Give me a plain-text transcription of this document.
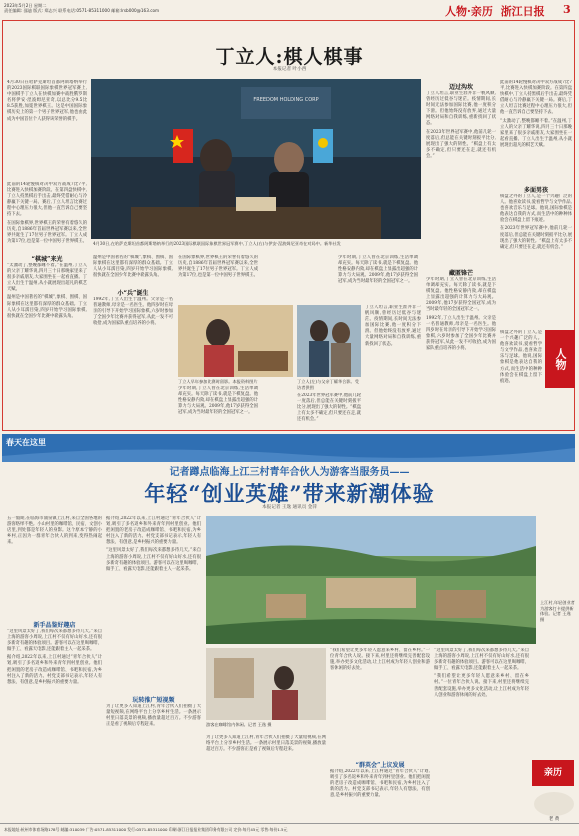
2023年5月2日 星期二
责任编辑: 邵迪 版式: 郑志兴 联系电话:0571-85311000 邮箱:lrsb000@163.com	人物·亲历 浙江日报 3
丁立人:棋人棋事
本报记者 叶小西
4月30日在哈萨克斯坦首都阿斯塔纳举行的2023国际棋联国际象棋世界冠军赛上,中国棋手丁立人在快棋加赛中战胜俄罗斯名将伊安·涅波姆尼亚奇,以总比分9.5比8.5获胜,加冕世界棋王。这是中国国际象棋历史上的第一个男子世界冠军,他也由此成为中国首位个人获得该荣誉的棋手。
此前的14轮慢棋对决中双方战成7比7平,比赛进入快棋加赛阶段。在第四盘快棋中,丁立人持黑棋后手出击,最终凭借耐心与冷静赢下关键一局。赛后,丁立人坦言比赛过程中心理压力很大,但他一直告诉自己要坚持下去。
在国际象棋界,世界棋王的荣誉有着悠久的历史,自1886年首届世界冠军赛以来,全世界共诞生了17位男子世界冠军。丁立人成为第17位,也是第一位中国男子世界棋王。
“棋城”来光
“太激动了,整晚都睡不着。”在温州,丁立人的父亲丁耀华说,四月三十日那晚家里来了很多亲戚朋友,大家围坐在一起看直播。丁立人出生于温州,从小就展现出超凡的棋艺天赋。
温州是中国著名的“棋城”,象棋、围棋、国际象棋在这里都有深厚的群众基础。丁立人从小耳濡目染,四岁开始学习国际象棋,很快就在全国少年比赛中崭露头角。
FREEDOM HOLDING CORP
4月30日,在哈萨克斯坦首都阿斯塔纳举行的2023国际棋联国际象棋世界冠军赛中,丁立人(右)与伊安·涅波姆尼亚奇在对局中。新华社发
温州是中国著名的“棋城”,象棋、围棋、国际象棋在这里都有深厚的群众基础。丁立人从小耳濡目染,四岁开始学习国际象棋,很快就在全国少年比赛中崭露头角。
小“兵”诞生
1992年,丁立人出生于温州。父亲是一名普通教师,母亲是一名医生。他四岁时在母亲的引导下开始学习国际象棋,六岁时参加了全国少年比赛并获得冠军,从此一发不可收拾,成为国家队重点培养的小将。
在国际象棋界,世界棋王的荣誉有着悠久的历史,自1886年首届世界冠军赛以来,全世界共诞生了17位男子世界冠军。丁立人成为第17位,也是第一位中国男子世界棋王。
丁立人早年参加比赛时留影。本报资料图片
少年时期,丁立人曾在北京训练,生活单调却充实。每天除了读书,就是下棋复盘。他性格安静内敛,却在棋盘上显露出超强的计算力与大局观。2009年,他17岁获得全国冠军,成为当时最年轻的全国冠军之一。
丁立人(左)与父亲丁耀华合影。受访者供图
在2023年世界冠军赛中,他前几轮一度落后,但总能在关键时刻扳平比分,展现出了强大的韧性。“棋盘上有太多不确定,但只要还在走,就还有机会。”
少年时期,丁立人曾在北京训练,生活单调却充实。每天除了读书,就是下棋复盘。他性格安静内敛,却在棋盘上显露出超强的计算力与大局观。2009年,他17岁获得全国冠军,成为当时最年轻的全国冠军之一。
丁立人坦言,职业生涯并非一帆风顺,曾经历过低谷与迷茫。疫情期间,长时间无法参加国际比赛,他一度积分下滑。但他始终没有放弃,通过大量网络对局和自我训练,重新找回了状态。
迈过沟坎
丁立人坦言,职业生涯并非一帆风顺,曾经历过低谷与迷茫。疫情期间,长时间无法参加国际比赛,他一度积分下滑。但他始终没有放弃,通过大量网络对局和自我训练,重新找回了状态。
在2023年世界冠军赛中,他前几轮一度落后,但总能在关键时刻扳平比分,展现出了强大的韧性。“棋盘上有太多不确定,但只要还在走,就还有机会。”
藏匿锋芒
少年时期,丁立人曾在北京训练,生活单调却充实。每天除了读书,就是下棋复盘。他性格安静内敛,却在棋盘上显露出超强的计算力与大局观。2009年,他17岁获得全国冠军,成为当时最年轻的全国冠军之一。
1992年,丁立人出生于温州。父亲是一名普通教师,母亲是一名医生。他四岁时在母亲的引导下开始学习国际象棋,六岁时参加了全国少年比赛并获得冠军,从此一发不可收拾,成为国家队重点培养的小将。
此前的14轮慢棋对决中双方战成7比7平,比赛进入快棋加赛阶段。在第四盘快棋中,丁立人持黑棋后手出击,最终凭借耐心与冷静赢下关键一局。赛后,丁立人坦言比赛过程中心理压力很大,但他一直告诉自己要坚持下去。
“太激动了,整晚都睡不着。”在温州,丁立人的父亲丁耀华说,四月三十日那晚家里来了很多亲戚朋友,大家围坐在一起看直播。丁立人出生于温州,从小就展现出超凡的棋艺天赋。
多面男孩
棋盘之外的丁立人,是一个兴趣广泛的人。他喜欢读书,爱看哲学与文学作品,也喜欢音乐与足球。他说,国际象棋是他表达自我的方式,而生活中的种种体验会在棋盘上留下痕迹。
在2023年世界冠军赛中,他前几轮一度落后,但总能在关键时刻扳平比分,展现出了强大的韧性。“棋盘上有太多不确定,但只要还在走,就还有机会。”
棋盘之外的丁立人,是一个兴趣广泛的人。他喜欢读书,爱看哲学与文学作品,也喜欢音乐与足球。他说,国际象棋是他表达自我的方式,而生活中的种种体验会在棋盘上留下痕迹。
人物
春天在这里
记者蹲点临海上江三村青年合伙人为游客当服务员——
年轻“创业英雄”带来新潮体验
本报记者 王逸 通讯员 金萍
五一假期,在临海市涌泉镇上江村,来自全国各地的游客络绎不绝。小山村里的咖啡馆、民宿、文创小店里,到处都是年轻人的身影。这个原本宁静的小乡村,正因为一群青年合伙人的到来,变得热闹起来。
新手品鉴好趣店
“这里风景太好了,我们每次来都想多待几天。”来自上海的游客小周说,上江村不仅有好山好水,还有很多新奇有趣的体验项目。游客可以在这里喝咖啡、做手工、看露天电影,还能跟着主人一起采茶。
据介绍,2022年以来,上江村通过“青年合伙人”计划,吸引了多名返乡和外来青年到村里创业。他们把闲置的老房子改造成咖啡馆、书吧和民宿,为乡村注入了新的活力。村党支部书记表示,年轻人有想法、有创意,是乡村振兴的重要力量。
据介绍,2022年以来,上江村通过“青年合伙人”计划,吸引了多名返乡和外来青年到村里创业。他们把闲置的老房子改造成咖啡馆、书吧和民宿,为乡村注入了新的活力。村党支部书记表示,年轻人有想法、有创意,是乡村振兴的重要力量。
“这里风景太好了,我们每次来都想多待几天。”来自上海的游客小周说,上江村不仅有好山好水,还有很多新奇有趣的体验项目。游客可以在这里喝咖啡、做手工、看露天电影,还能跟着主人一起采茶。
玩转推广短视频
为了让更多人知道上江村,青年合伙人们拍摄了大量短视频,在网络平台上分享乡村生活。一条展示村里日落美景的视频,播放量超过百万。不少游客正是看了视频后专程赶来。
上江村,年轻创业者为游客打卡提供新体验。记者 王逸 摄
游客在咖啡馆内休闲。记者 王逸 摄
为了让更多人知道上江村,青年合伙人们拍摄了大量短视频,在网络平台上分享乡村生活。一条展示村里日落美景的视频,播放量超过百万。不少游客正是看了视频后专程赶来。
“我们希望让更多年轻人愿意来乡村、留在乡村。”一位青年合伙人说。接下来,村里还将继续完善配套设施,举办更多文化活动,让上江村成为年轻人创业和游客休闲的好去处。
“群英会”上议发展
据介绍,2022年以来,上江村通过“青年合伙人”计划,吸引了多名返乡和外来青年到村里创业。他们把闲置的老房子改造成咖啡馆、书吧和民宿,为乡村注入了新的活力。村党支部书记表示,年轻人有想法、有创意,是乡村振兴的重要力量。
“这里风景太好了,我们每次来都想多待几天。”来自上海的游客小周说,上江村不仅有好山好水,还有很多新奇有趣的体验项目。游客可以在这里喝咖啡、做手工、看露天电影,还能跟着主人一起采茶。
“我们希望让更多年轻人愿意来乡村、留在乡村。”一位青年合伙人说。接下来,村里还将继续完善配套设施,举办更多文化活动,让上江村成为年轻人创业和游客休闲的好去处。
亲历
老 黄
本报地址:杭州市体育场路178号 邮编:310039 广告:0571-85311000 发行:0571-85311000 印刷:浙江日报报业集团印务有限公司 定价:每月45元 零售:每份1.5元
